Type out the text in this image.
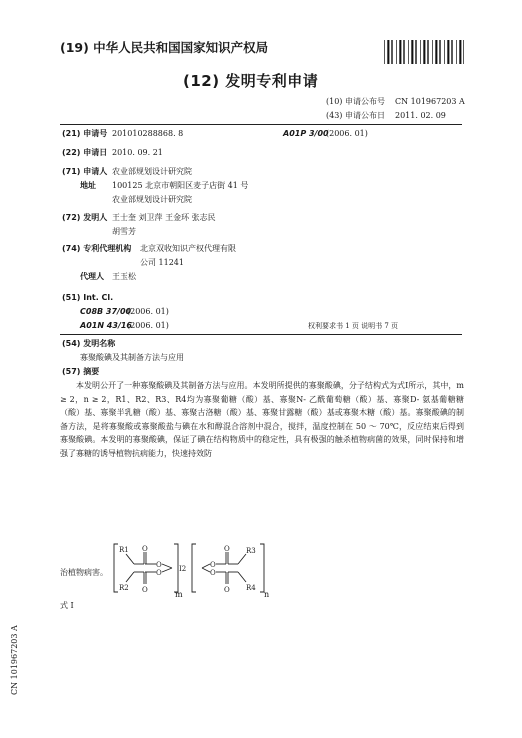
(19) 中华人民共和国国家知识产权局
(12) 发明专利申请
(10) 申请公布号 CN 101967203 A
(43) 申请公布日 2011. 02. 09
(21) 申请号 201010288868. 8	A01P 3/00
(2006. 01)
(22) 申请日 2010. 09. 21
(71) 申请人 农业部规划设计研究院
地址 100125 北京市朝阳区麦子店街 41 号
农业部规划设计研究院
(72) 发明人 王士奎 刘卫萍 王金环 张志民
胡雪芳
(74) 专利代理机构 北京双收知识产权代理有限
公司 11241
代理人 王玉松
(51) Int. Cl.
C08B 37/00
(2006. 01)
A01N 43/16
(2006. 01)	权利要求书 1 页 说明书 7 页
(54) 发明名称
寡聚酸碘及其制备方法与应用
(57) 摘要

本发明公开了一种寡聚酸碘及其制备方法与应用。本发明所提供的寡聚酸碘，分子结构式为式I所示，其中，m ≥ 2，n ≥ 2，R1、R2、R3、R4均为寡聚葡糖（酸）基、寡聚N- 乙酰葡萄糖（酸）基、寡聚D- 氨基葡糖糖（酸）基、寡聚半乳糖（酸）基、寡聚古洛糖（酸）基、寡聚甘露糖（酸）基或寡聚木糖（酸）基。寡聚酸碘的制备方法，是将寡聚酸或寡聚酸盐与碘在水和醇混合溶剂中混合，搅拌，温度控制在 50 ～ 70℃，反应结束后得到寡聚酸碘。本发明的寡聚酸碘，保证了碘在结构物质中的稳定性，具有极强的触杀植物病菌的效果，同时保持和增强了寡糖的诱导植物抗病能力，快速持效防

治植物病害。
R1
R2
O
O
O
O I2
m
O
O
O
O
R3
R4
n
式 I
CN 101967203 A
